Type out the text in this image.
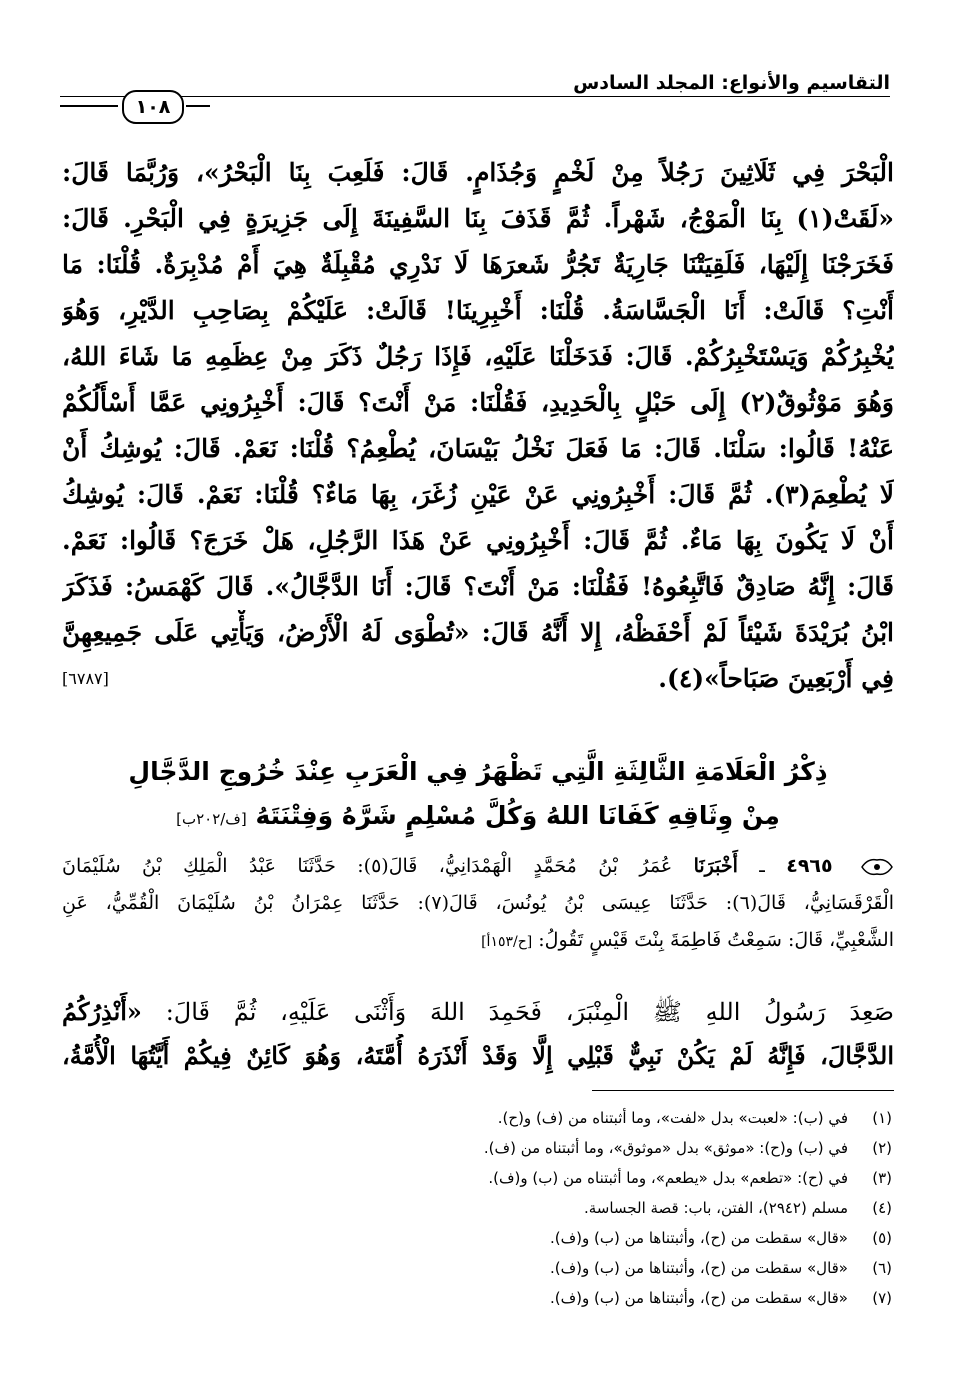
التقاسيم والأنواع: المجلد السادس
١٠٨
الْبَحْرَ فِي ثَلَاثِينَ رَجُلاً مِنْ لَخْمٍ وَجُذَامٍ. قَالَ: فَلَعِبَ بِنَا الْبَحْرُ»، وَرُبَّمَا قَالَ:
«لَقَتْ(١) بِنَا الْمَوْجُ، شَهْراً. ثُمَّ قَذَفَ بِنَا السَّفِينَةَ إِلَى جَزِيرَةٍ فِي الْبَحْرِ. قَالَ:
فَخَرَجْنَا إِلَيْهَا، فَلَقِيَتْنَا جَارِيَةٌ تَجُرُّ شَعرَهَا لَا نَدْرِي مُقْبِلَةٌ هِيَ أَمْ مُدْبِرَةٌ. قُلْنَا: مَا
أَنْتِ؟ قَالَتْ: أَنَا الْجَسَّاسَةُ. قُلْنَا: أَخْبِرِينَا! قَالَتْ: عَلَيْكُمْ بِصَاحِبِ الدَّيْرِ، وَهُوَ
يُخْبِرُكُمْ وَيَسْتَخْبِرُكُمْ. قَالَ: فَدَخَلْنَا عَلَيْهِ، فَإِذَا رَجُلٌ ذَكَرَ مِنْ عِظَمِهِ مَا شَاءَ اللهُ،
وَهُوَ مَوْثُوقٌ(٢) إِلَى حَبْلٍ بِالْحَدِيدِ، فَقُلْنَا: مَنْ أَنْتَ؟ قَالَ: أَخْبِرُونِي عَمَّا أَسْأَلُكُمْ
عَنْهُ! قَالُوا: سَلْنَا. قَالَ: مَا فَعَلَ نَخْلُ بَيْسَانَ، يُطْعِمُ؟ قُلْنَا: نَعَمْ. قَالَ: يُوشِكُ أَنْ
لَا يُطْعِمَ(٣). ثُمَّ قَالَ: أَخْبِرُونِي عَنْ عَيْنِ زُغَرَ، بِهَا مَاءٌ؟ قُلْنَا: نَعَمْ. قَالَ: يُوشِكُ
أَنْ لَا يَكُونَ بِهَا مَاءٌ. ثُمَّ قَالَ: أَخْبِرُونِي عَنْ هَذَا الرَّجُلِ، هَلْ خَرَجَ؟ قَالُوا: نَعَمْ.
قَالَ: إِنَّهُ صَادِقٌ فَاتَّبِعُوهُ! فَقُلْنَا: مَنْ أَنْتَ؟ قَالَ: أَنَا الدَّجَّالُ». قَالَ كَهْمَسُ: فَذَكَرَ
ابْنُ بُرَيْدَةَ شَيْئاً لَمْ أَحْفَظْهُ، إِلا أَنَّهُ قَالَ: «تُطْوَى لَهُ الْأَرْضُ، وَيَأْتِي عَلَى جَمِيعِهِنَّ
فِي أَرْبَعِينَ صَبَاحاً»(٤).
[٦٧٨٧]
ذِكْرُ الْعَلَامَةِ الثَّالِثَةِ الَّتِي تَظْهَرُ فِي الْعَرَبِ عِنْدَ خُرُوجِ الدَّجَّالِ
مِنْ وِثَاقِهِ كَفَانَا اللهُ وَكُلَّ مُسْلِمٍ شَرَّهُ وَفِتْنَتَهُ [ف/٢٠٢ب]
٤٩٦٥ ـ أَخْبَرَنَا عُمَرُ بْنُ مُحَمَّدٍ الْهَمْدَانِيُّ، قَالَ(٥): حَدَّثَنَا عَبْدُ الْمَلِكِ بْنُ سُلَيْمَانَ
الْقَرْقَسَانِيُّ، قَالَ(٦): حَدَّثَنَا عِيسَى بْنُ يُونُسَ، قَالَ(٧): حَدَّثَنَا عِمْرَانُ بْنُ سُلَيْمَانَ الْقُمِّيُّ، عَنِ
الشَّعْبِيِّ، قَالَ: سَمِعْتُ فَاطِمَةَ بِنْتَ قَيْسٍ تَقُولُ: [ح/١٥٣أ]
صَعِدَ رَسُولُ اللهِ ﷺ الْمِنْبَرَ، فَحَمِدَ اللهَ وَأَثْنَى عَلَيْهِ، ثُمَّ قَالَ: «أَنْذِرُكُمُ
الدَّجَّالَ، فَإِنَّهُ لَمْ يَكُنْ نَبِيٌّ قَبْلِي إِلَّا وَقَدْ أَنْذَرَهُ أُمَّتَهُ، وَهُوَ كَائِنٌ فِيكُمْ أَيَّتُهَا الْأُمَّةُ،
(١)في (ب): «لعبت» بدل «لفت»، وما أثبتناه من (ف) و(ح).
(٢)في (ب) و(ح): «موثق» بدل «موثوق»، وما أثبتناه من (ف).
(٣)في (ح): «تطعم» بدل «يطعم»، وما أثبتناه من (ب) و(ف).
(٤)مسلم (٢٩٤٢)، الفتن، باب: قصة الجساسة.
(٥)«قال» سقطت من (ح)، وأثبتناها من (ب) و(ف).
(٦)«قال» سقطت من (ح)، وأثبتناها من (ب) و(ف).
(٧)«قال» سقطت من (ح)، وأثبتناها من (ب) و(ف).
